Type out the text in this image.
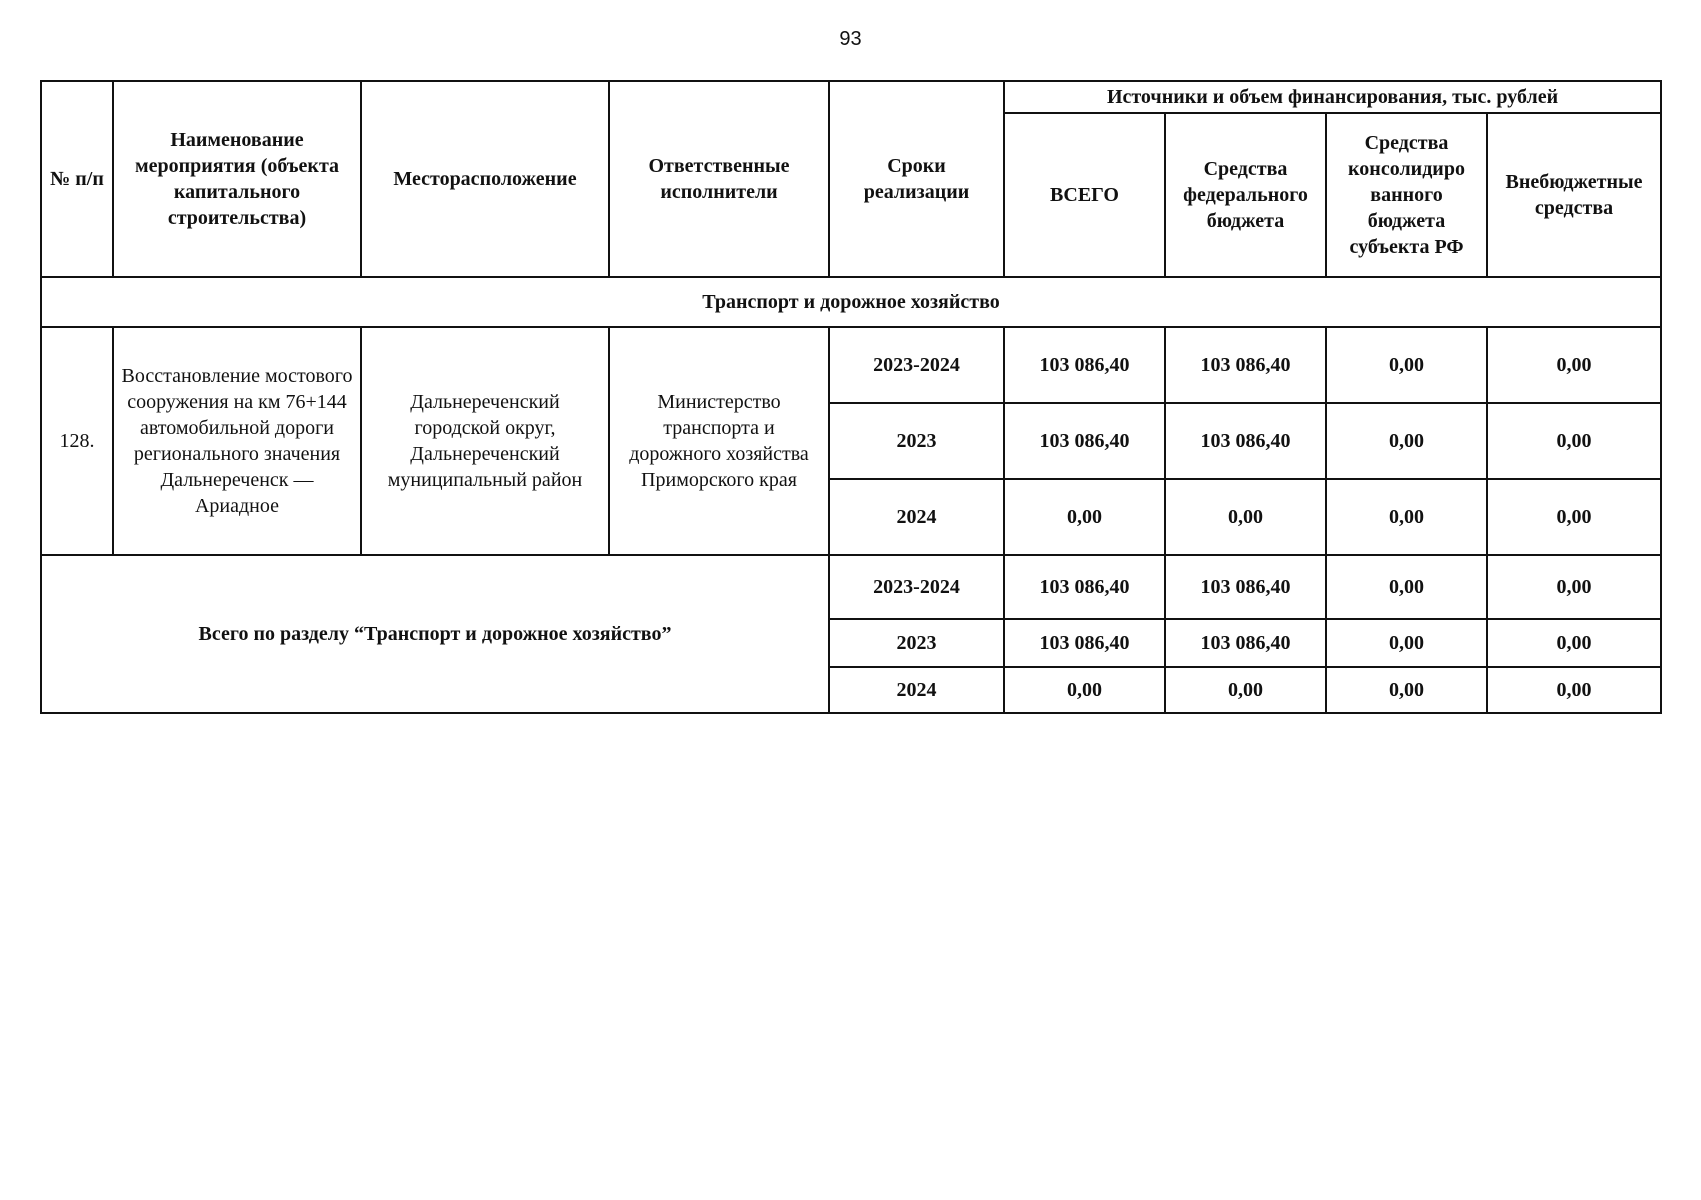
93
№ п/п	Наименование мероприятия (объекта капитального строительства)	Месторасположение	Ответственные исполнители	Сроки реализации	Источники и объем финансирования, тыс. рублей			
					ВСЕГО	Средства федерального бюджета	Средства консолидиро ванного бюджета субъекта РФ	Внебюджетные средства
Транспорт и дорожное хозяйство								
128.	Восстановление мостового сооружения на км 76+144 автомобильной дороги регионального значения Дальнереченск — Ариадное	Дальнереченский городской округ, Дальнереченский муниципальный район	Министерство транспорта и дорожного хозяйства Приморского края	2023-2024	103 086,40	103 086,40	0,00	0,00
				2023	103 086,40	103 086,40	0,00	0,00
				2024	0,00	0,00	0,00	0,00
Всего по разделу “Транспорт и дорожное хозяйство”				2023-2024	103 086,40	103 086,40	0,00	0,00
				2023	103 086,40	103 086,40	0,00	0,00
				2024	0,00	0,00	0,00	0,00
